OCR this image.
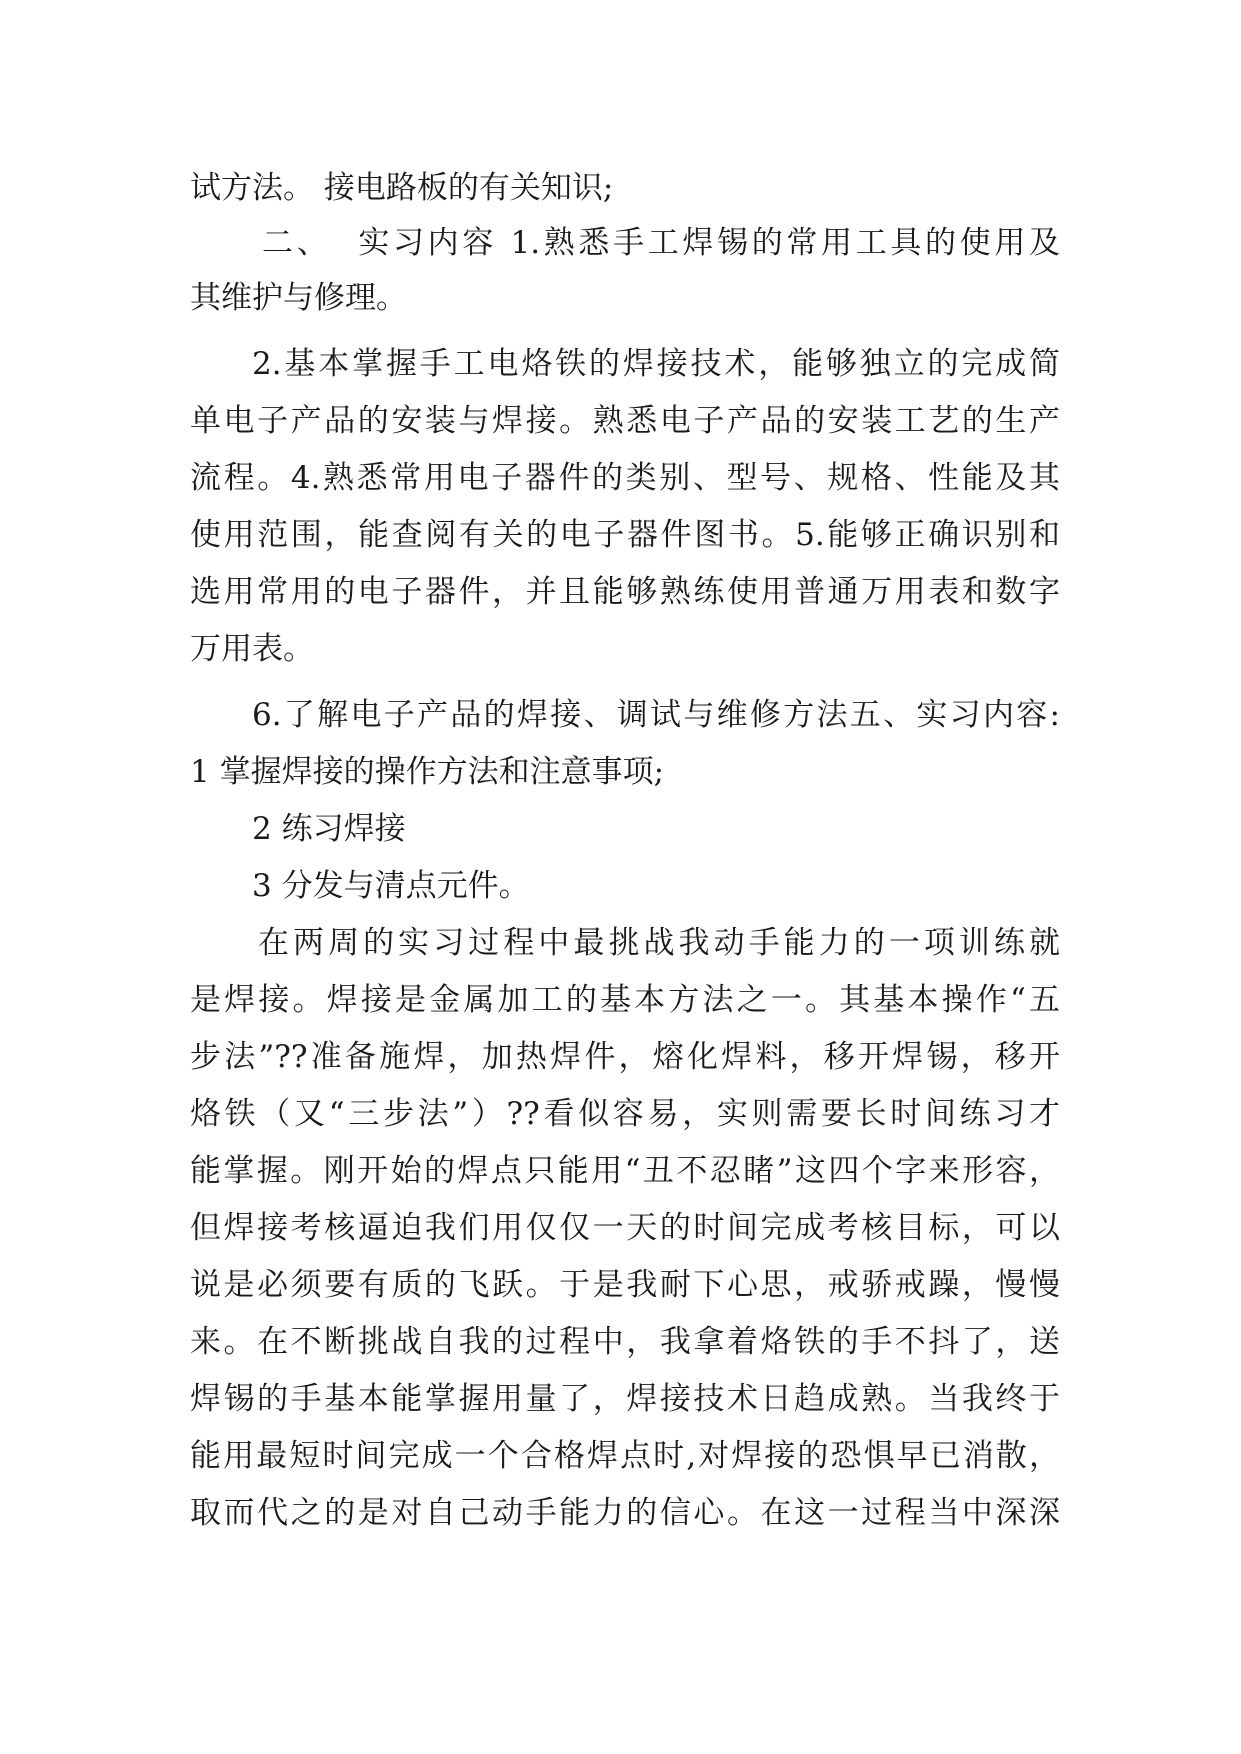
试方法。 接电路板的有关知识;
二、  实习内容 1.熟悉手工焊锡的常用工具的使用及
其维护与修理。
2.基本掌握手工电烙铁的焊接技术，能够独立的完成简
单电子产品的安装与焊接。熟悉电子产品的安装工艺的生产
流程。4.熟悉常用电子器件的类别、型号、规格、性能及其
使用范围，能查阅有关的电子器件图书。5.能够正确识别和
选用常用的电子器件，并且能够熟练使用普通万用表和数字
万用表。
6.了解电子产品的焊接、调试与维修方法五、实习内容:
1 掌握焊接的操作方法和注意事项;
2 练习焊接
3 分发与清点元件。
在两周的实习过程中最挑战我动手能力的一项训练就
是焊接。焊接是金属加工的基本方法之一。其基本操作“五
步法”??准备施焊，加热焊件，熔化焊料，移开焊锡，移开
烙铁（又“三步法”）??看似容易，实则需要长时间练习才
能掌握。刚开始的焊点只能用“丑不忍睹”这四个字来形容，
但焊接考核逼迫我们用仅仅一天的时间完成考核目标，可以
说是必须要有质的飞跃。于是我耐下心思，戒骄戒躁，慢慢
来。在不断挑战自我的过程中，我拿着烙铁的手不抖了，送
焊锡的手基本能掌握用量了，焊接技术日趋成熟。当我终于
能用最短时间完成一个合格焊点时,对焊接的恐惧早已消散，
取而代之的是对自己动手能力的信心。在这一过程当中深深
